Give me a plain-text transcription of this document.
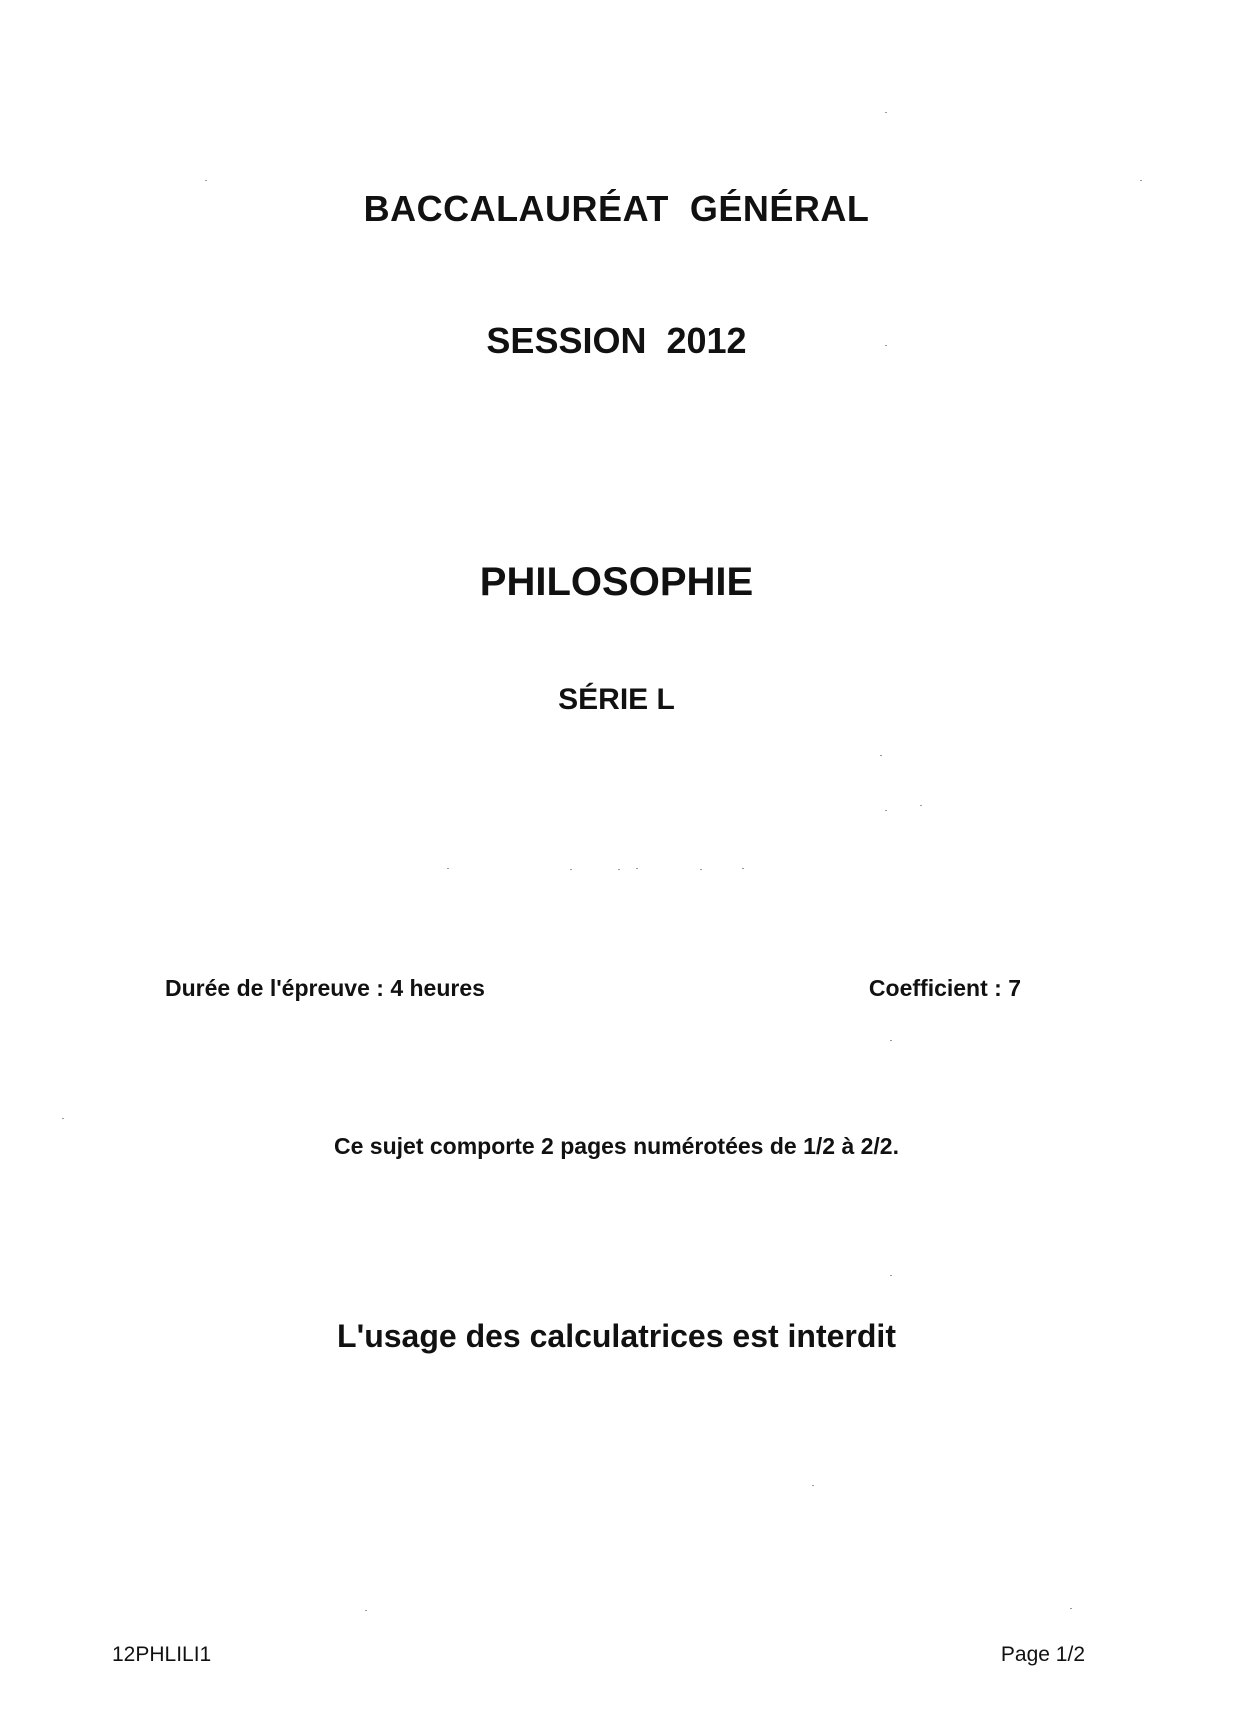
BACCALAURÉAT  GÉNÉRAL
SESSION  2012
PHILOSOPHIE
SÉRIE L
Durée de l'épreuve : 4 heures	Coefficient : 7
Ce sujet comporte 2 pages numérotées de 1/2 à 2/2.
L'usage des calculatrices est interdit
12PHLILI1	Page 1/2
